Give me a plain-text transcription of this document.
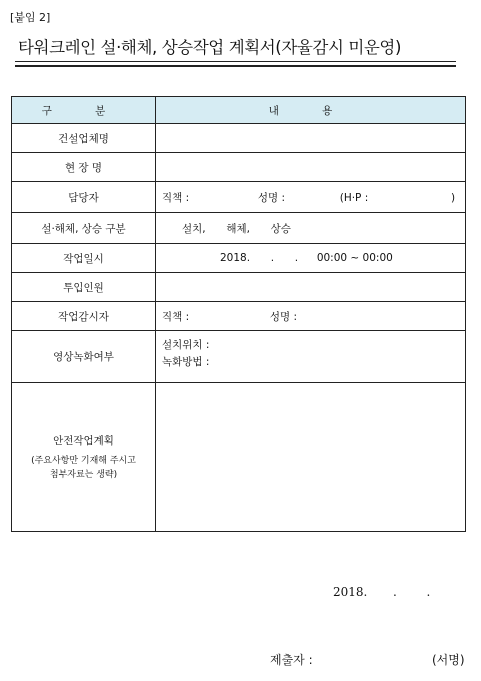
[붙임 2]
타워크레인 설·해체, 상승작업 계획서(자율감시 미운영)
구 분	내 용
건설업체명	
현 장 명	
담당자	직책 : 성명 : (H·P : )
설·해체, 상승 구분	설치, 해체, 상승
작업일시	2018. . . 00:00 ~ 00:00
투입인원	
작업감시자	직책 : 성명 :
영상녹화여부	설치위치 :
녹화방법 :

안전작업계획
(주요사항만 기재해 주시고
첨부자료는 생략)	

2018. . .
제출자 :	(서명)
